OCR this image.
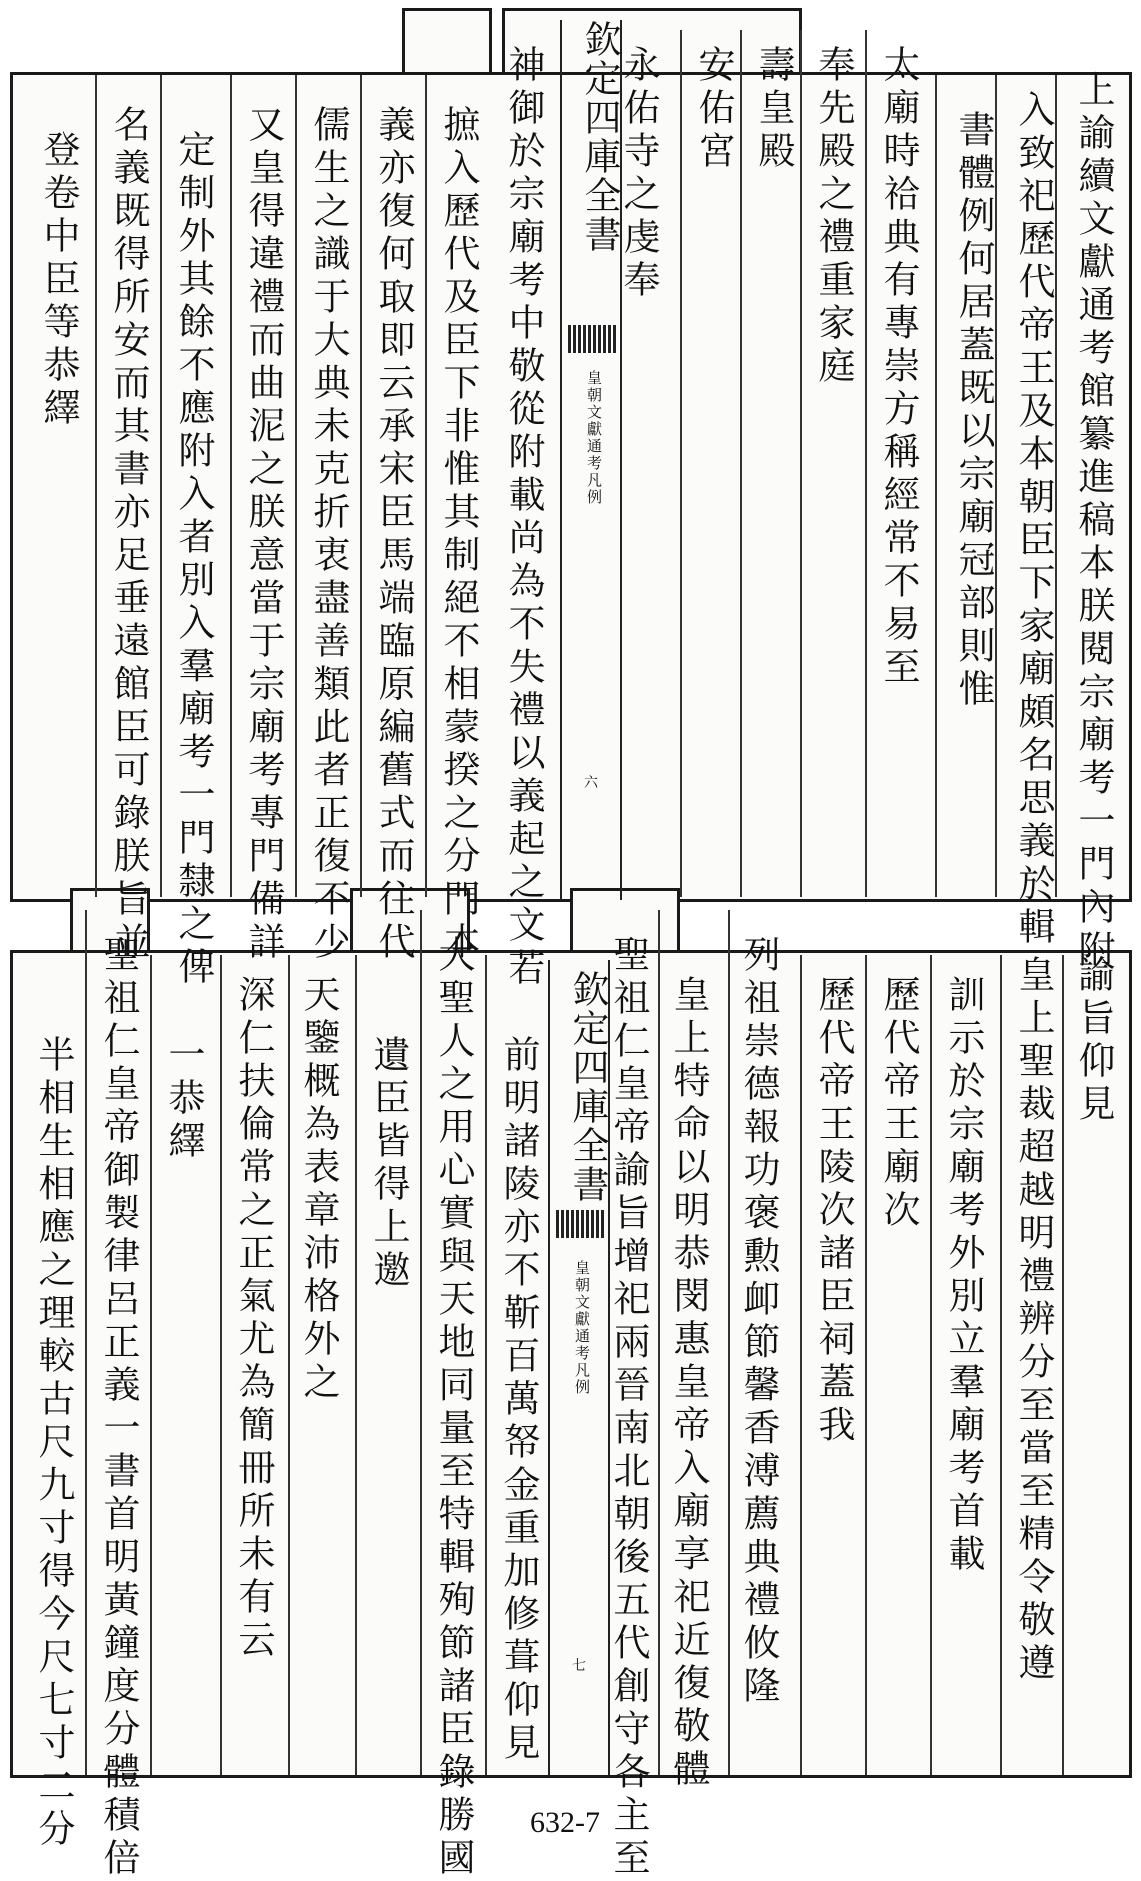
上諭續文獻通考館纂進稿本朕閱宗廟考一門內附
入致祀歷代帝王及本朝臣下家廟頗名思義於輯
書體例何居蓋既以宗廟冠部則惟
太廟時祫典有專崇方稱經常不易至
奉先殿之禮重家庭
壽皇殿
安佑宮
永佑寺之虔奉
神御於宗廟考中敬從附載尚為不失禮以義起之文若
摭入歷代及臣下非惟其制絕不相蒙揆之分門本
義亦復何取即云承宋臣馬端臨原編舊式而往代
儒生之識于大典未克折衷盡善類此者正復不少
又皇得違禮而曲泥之朕意當于宗廟考專門備詳
定制外其餘不應附入者別入羣廟考一門隸之俾
名義既得所安而其書亦足垂遠館臣可錄朕旨並
登卷中臣等恭繹	欽定四庫全書
皇朝文獻通考凡例
六
諭旨仰見
皇上聖裁超越明禮辨分至當至精令敬遵
訓示於宗廟考外別立羣廟考首載
歷代帝王廟次
歷代帝王陵次諸臣祠蓋我
列祖崇德報功褒勲卹節馨香溥薦典禮攸隆
皇上特命以明恭閔惠皇帝入廟享祀近復敬體
聖祖仁皇帝諭旨增祀兩晉南北朝後五代創守各主至
前明諸陵亦不靳百萬帑金重加修葺仰見
大聖人之用心實與天地同量至特輯殉節諸臣錄勝國
遺臣皆得上邀
天鑒概為表章沛格外之
深仁扶倫常之正氣尤為簡冊所未有云
一恭繹
聖祖仁皇帝御製律呂正義一書首明黃鐘度分體積倍
半相生相應之理較古尺九寸得今尺七寸二分	欽定四庫全書
皇朝文獻通考凡例
七
632-7
